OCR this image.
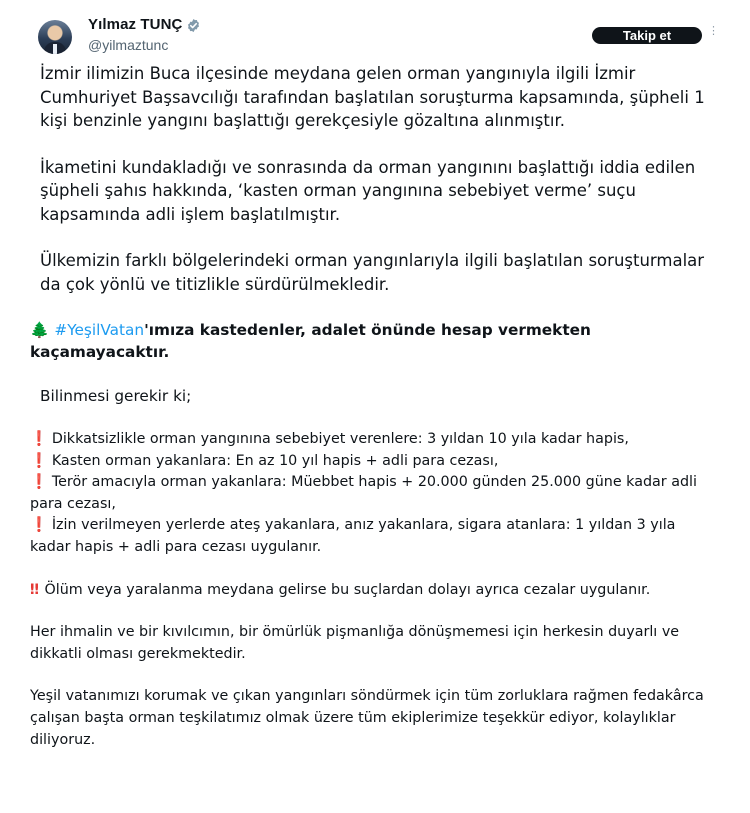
Yılmaz TUNÇ
@yilmaztunc
Takip et	⋮

İzmir ilimizin Buca ilçesinde meydana gelen orman yangınıyla ilgili İzmir Cumhuriyet Başsavcılığı tarafından başlatılan soruşturma kapsamında, şüpheli 1 kişi benzinle yangını başlattığı gerekçesiyle gözaltına alınmıştır.

İkametini kundakladığı ve sonrasında da orman yangınını başlattığı iddia edilen şüpheli şahıs hakkında, ‘kasten orman yangınına sebebiyet verme’ suçu kapsamında adli işlem başlatılmıştır.

Ülkemizin farklı bölgelerindeki orman yangınlarıyla ilgili başlatılan soruşturmalar da çok yönlü ve titizlikle sürdürülmekledir.

🌲 #YeşilVatan'ımıza kastedenler, adalet önünde hesap vermekten kaçamayacaktır.

Bilinmesi gerekir ki;

❗ Dikkatsizlikle orman yangınına sebebiyet verenlere: 3 yıldan 10 yıla kadar hapis,

❗ Kasten orman yakanlara: En az 10 yıl hapis + adli para cezası,

❗ Terör amacıyla orman yakanlara: Müebbet hapis + 20.000 günden 25.000 güne kadar adli para cezası,

❗ İzin verilmeyen yerlerde ateş yakanlara, anız yakanlara, sigara atanlara: 1 yıldan 3 yıla kadar hapis + adli para cezası uygulanır.

‼ Ölüm veya yaralanma meydana gelirse bu suçlardan dolayı ayrıca cezalar uygulanır.

Her ihmalin ve bir kıvılcımın, bir ömürlük pişmanlığa dönüşmemesi için herkesin duyarlı ve dikkatli olması gerekmektedir.

Yeşil vatanımızı korumak ve çıkan yangınları söndürmek için tüm zorluklara rağmen fedakârca çalışan başta orman teşkilatımız olmak üzere tüm ekiplerimize teşekkür ediyor, kolaylıklar diliyoruz.
